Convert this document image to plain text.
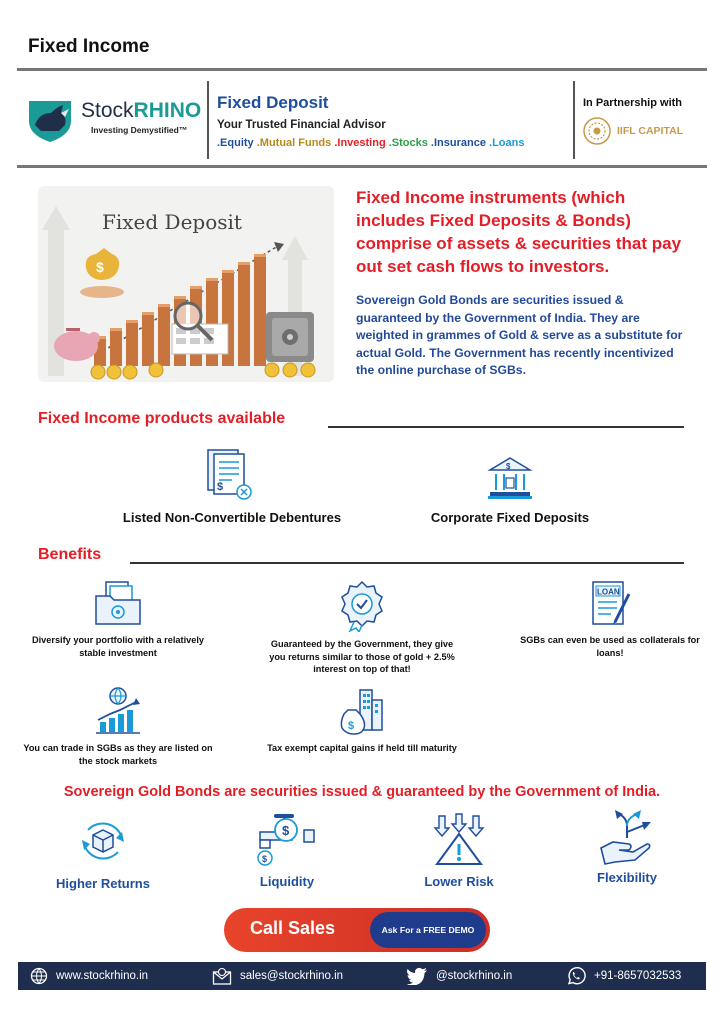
Fixed Income
StockRHINO
Investing Demystified™
Fixed Deposit
Your Trusted Financial Advisor
.Equity .Mutual Funds .Investing .Stocks .Insurance .Loans
In Partnership with
IIFL CAPITAL
$
Fixed Deposit
Fixed Income instruments (which includes Fixed Deposits & Bonds) comprise of assets & securities that pay out set cash flows to investors.
Sovereign Gold Bonds are securities issued & guaranteed by the Government of India. They are weighted in grammes of Gold & serve as a substitute for actual Gold. The Government has recently incentivized the online purchase of SGBs.
Fixed Income products available
$
Listed Non-Convertible Debentures
$
Corporate Fixed Deposits
Benefits
Diversify your portfolio with a relatively stable investment
Guaranteed by the Government, they give you returns similar to those of gold + 2.5% interest on top of that!
LOAN
SGBs can even be used as collaterals for loans!
You can trade in SGBs as they are listed on the stock markets
$
Tax exempt capital gains if held till maturity
Sovereign Gold Bonds are securities issued & guaranteed by the Government of India.
Higher Returns
$
$
Liquidity	Lower Risk	Flexibility
Call Sales	Ask For a FREE DEMO
www.stockrhino.in	sales@stockrhino.in	@stockrhino.in	+91-8657032533
